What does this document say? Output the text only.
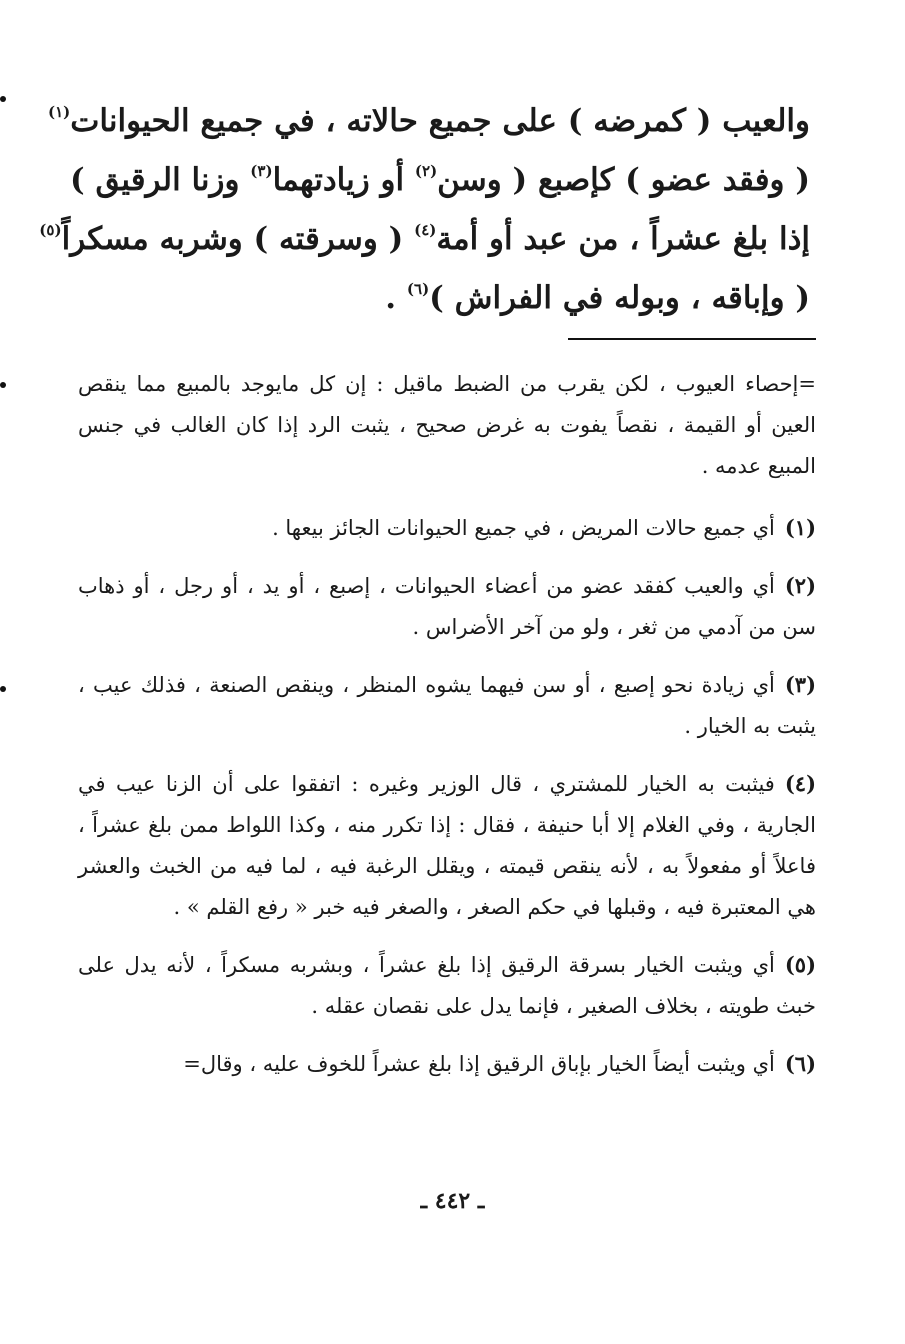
والعيب ( كمرضه ) على جميع حالاته ، في جميع الحيوانات$^{(١)}$
( وفقد عضو ) كإصبع ( وسن$^{(٢)}$ أو زيادتهما$^{(٣)}$ وزنا الرقيق )
إذا بلغ عشراً ، من عبد أو أمة$^{(٤)}$ ( وسرقته ) وشربه مسكراً$^{(٥)}$
( وإباقه ، وبوله في الفراش )$^{(٦)}$ .

=إحصاء العيوب ، لكن يقرب من الضبط ماقيل : إن كل مايوجد بالمبيع مما ينقص العين أو القيمة ، نقصاً يفوت به غرض صحيح ، يثبت الرد إذا كان الغالب في جنس المبيع عدمه .

(١)أي جميع حالات المريض ، في جميع الحيوانات الجائز بيعها .

(٢)أي والعيب كفقد عضو من أعضاء الحيوانات ، إصبع ، أو يد ، أو رجل ، أو ذهاب سن من آدمي من ثغر ، ولو من آخر الأضراس .

(٣)أي زيادة نحو إصبع ، أو سن فيهما يشوه المنظر ، وينقص الصنعة ، فذلك عيب ، يثبت به الخيار .

(٤)فيثبت به الخيار للمشتري ، قال الوزير وغيره : اتفقوا على أن الزنا عيب في الجارية ، وفي الغلام إلا أبا حنيفة ، فقال : إذا تكرر منه ، وكذا اللواط ممن بلغ عشراً ، فاعلاً أو مفعولاً به ، لأنه ينقص قيمته ، ويقلل الرغبة فيه ، لما فيه من الخبث والعشر هي المعتبرة فيه ، وقبلها في حكم الصغر ، والصغر فيه خبر « رفع القلم » .

(٥)أي ويثبت الخيار بسرقة الرقيق إذا بلغ عشراً ، وبشربه مسكراً ، لأنه يدل على خبث طويته ، بخلاف الصغير ، فإنما يدل على نقصان عقله .

(٦)أي ويثبت أيضاً الخيار بإباق الرقيق إذا بلغ عشراً للخوف عليه ، وقال=

ـ ٤٤٢ ـ
